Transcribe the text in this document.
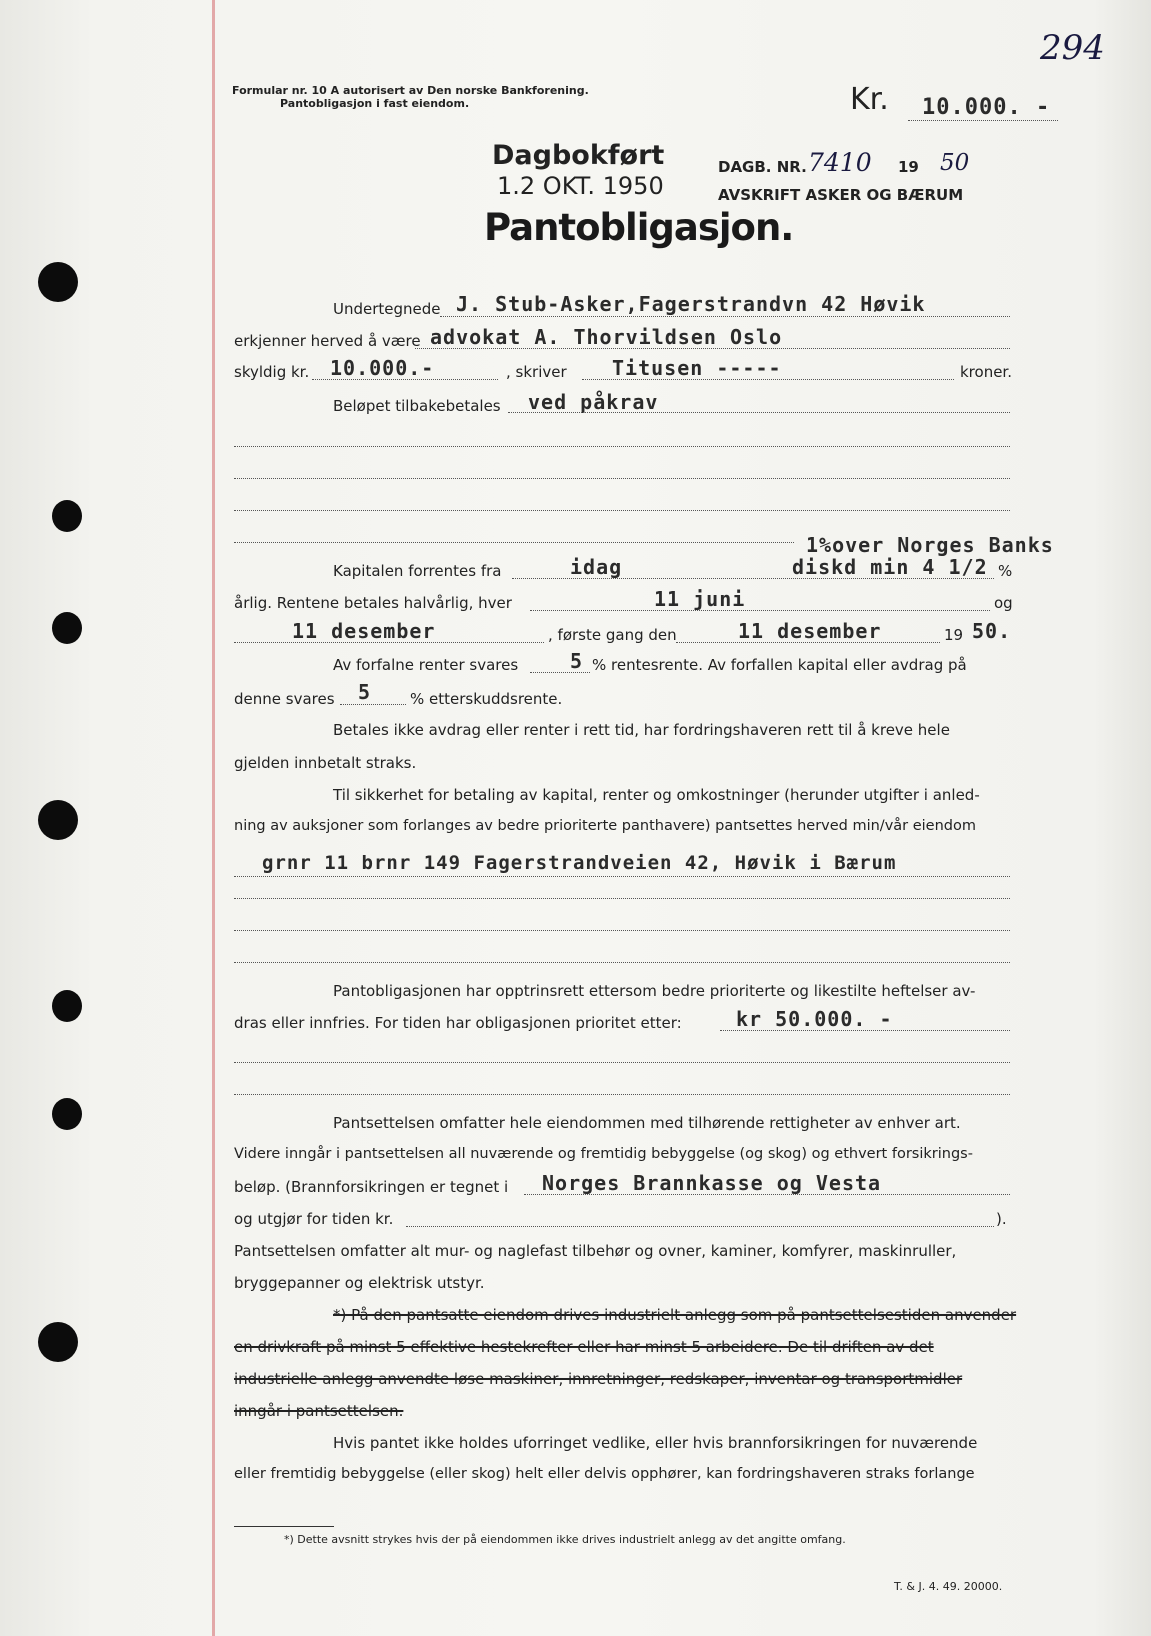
294
Formular nr. 10 A autorisert av Den norske Bankforening.
Pantobligasjon i fast eiendom.	Kr. 10.000. -
Dagbokført
1.2 OKT. 1950
DAGB. NR. 7410 19 50
AVSKRIFT ASKER OG BÆRUM
Pantobligasjon.
Undertegnede J. Stub-Asker,Fagerstrandvn 42 Høvik
erkjenner herved å være advokat A. Thorvildsen Oslo
skyldig kr. 10.000.-	, skriver Titusen -----	kroner.
Beløpet tilbakebetales ved påkrav
1%over Norges Banks
Kapitalen forrentes fra	idag	diskd min 4 1/2 %
årlig. Rentene betales halvårlig, hver	11 juni	og
11 desember	, første gang den	11 desember	19 50.
Av forfalne renter svares	5 % rentesrente. Av forfallen kapital eller avdrag på
denne svares 5	% etterskuddsrente.
Betales ikke avdrag eller renter i rett tid, har fordringshaveren rett til å kreve hele
gjelden innbetalt straks.
Til sikkerhet for betaling av kapital, renter og omkostninger (herunder utgifter i anled-
ning av auksjoner som forlanges av bedre prioriterte panthavere) pantsettes herved min/vår eiendom
grnr 11 brnr 149 Fagerstrandveien 42, Høvik i Bærum
Pantobligasjonen har opptrinsrett ettersom bedre prioriterte og likestilte heftelser av-
dras eller innfries. For tiden har obligasjonen prioritet etter:	kr 50.000. -
Pantsettelsen omfatter hele eiendommen med tilhørende rettigheter av enhver art.
Videre inngår i pantsettelsen all nuværende og fremtidig bebyggelse (og skog) og ethvert forsikrings-
beløp. (Brannforsikringen er tegnet i Norges Brannkasse og Vesta
og utgjør for tiden kr.	).
Pantsettelsen omfatter alt mur- og naglefast tilbehør og ovner, kaminer, komfyrer, maskinruller,
bryggepanner og elektrisk utstyr.
*) På den pantsatte eiendom drives industrielt anlegg som på pantsettelsestiden anvender
en drivkraft på minst 5 effektive hestekrefter eller har minst 5 arbeidere. De til driften av det
industrielle anlegg anvendte løse maskiner, innretninger, redskaper, inventar og transportmidler
inngår i pantsettelsen.
Hvis pantet ikke holdes uforringet vedlike, eller hvis brannforsikringen for nuværende
eller fremtidig bebyggelse (eller skog) helt eller delvis opphører, kan fordringshaveren straks forlange
*) Dette avsnitt strykes hvis der på eiendommen ikke drives industrielt anlegg av det angitte omfang.
T. & J. 4. 49. 20000.
